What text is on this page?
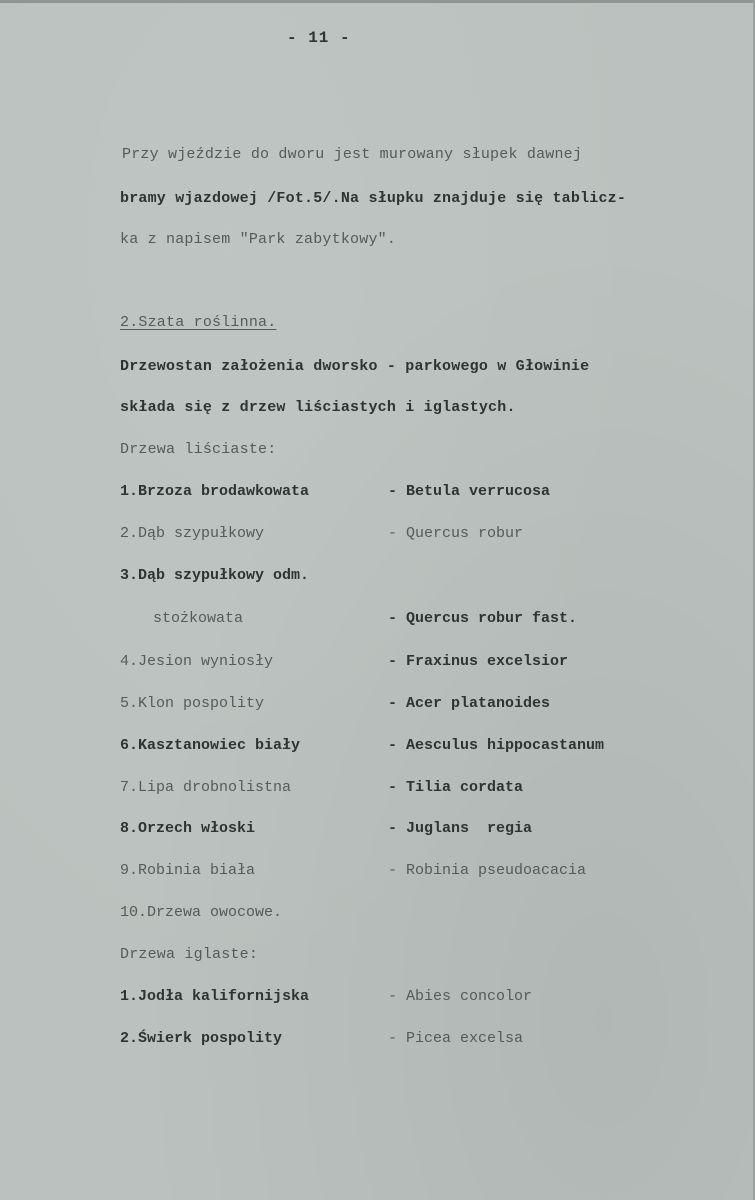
- 11 -
Przy wjeździe do dworu jest murowany słupek dawnej
bramy wjazdowej /Fot.5/.Na słupku znajduje się tablicz-
ka z napisem "Park zabytkowy".
2.Szata roślinna.
Drzewostan założenia dworsko - parkowego w Głowinie
składa się z drzew liściastych i iglastych.
Drzewa liściaste:
1.Brzoza brodawkowata	- Betula verrucosa
2.Dąb szypułkowy	- Quercus robur
3.Dąb szypułkowy odm.
stożkowata	- Quercus robur fast.
4.Jesion wyniosły	- Fraxinus excelsior
5.Klon pospolity	- Acer platanoides
6.Kasztanowiec biały	- Aesculus hippocastanum
7.Lipa drobnolistna	- Tilia cordata
8.Orzech włoski	- Juglans  regia
9.Robinia biała	- Robinia pseudoacacia
10.Drzewa owocowe.
Drzewa iglaste:
1.Jodła kalifornijska	- Abies concolor
2.Świerk pospolity	- Picea excelsa
